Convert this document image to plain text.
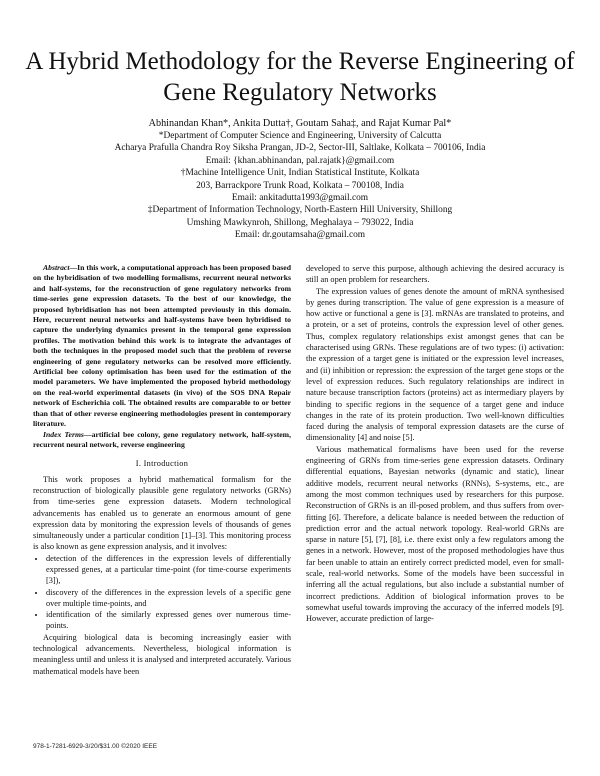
A Hybrid Methodology for the Reverse Engineering of Gene Regulatory Networks
Abhinandan Khan*, Ankita Dutta†, Goutam Saha‡, and Rajat Kumar Pal*
*Department of Computer Science and Engineering, University of Calcutta
Acharya Prafulla Chandra Roy Siksha Prangan, JD-2, Sector-III, Saltlake, Kolkata – 700106, India
Email: {khan.abhinandan, pal.rajatk}@gmail.com
†Machine Intelligence Unit, Indian Statistical Institute, Kolkata
203, Barrackpore Trunk Road, Kolkata – 700108, India
Email: ankitadutta1993@gmail.com
‡Department of Information Technology, North-Eastern Hill University, Shillong
Umshing Mawkynroh, Shillong, Meghalaya – 793022, India
Email: dr.goutamsaha@gmail.com

Abstract—In this work, a computational approach has been proposed based on the hybridisation of two modelling formalisms, recurrent neural networks and half-systems, for the reconstruction of gene regulatory networks from time-series gene expression datasets. To the best of our knowledge, the proposed hybridisation has not been attempted previously in this domain. Here, recurrent neural networks and half-systems have been hybridised to capture the underlying dynamics present in the temporal gene expression profiles. The motivation behind this work is to integrate the advantages of both the techniques in the proposed model such that the problem of reverse engineering of gene regulatory networks can be resolved more efficiently. Artificial bee colony optimisation has been used for the estimation of the model parameters. We have implemented the proposed hybrid methodology on the real-world experimental datasets (in vivo) of the SOS DNA Repair network of Escherichia coli. The obtained results are comparable to or better than that of other reverse engineering methodologies present in contemporary literature.

Index Terms—artificial bee colony, gene regulatory network, half-system, recurrent neural network, reverse engineering

I. Introduction

This work proposes a hybrid mathematical formalism for the reconstruction of biologically plausible gene regulatory networks (GRNs) from time-series gene expression datasets. Modern technological advancements has enabled us to generate an enormous amount of gene expression data by monitoring the expression levels of thousands of genes simultaneously under a particular condition [1]–[3]. This monitoring process is also known as gene expression analysis, and it involves:

• detection of the differences in the expression levels of differentially expressed genes, at a particular time-point (for time-course experiments [3]),
• discovery of the differences in the expression levels of a specific gene over multiple time-points, and
• identification of the similarly expressed genes over numerous time-points.

Acquiring biological data is becoming increasingly easier with technological advancements. Nevertheless, biological information is meaningless until and unless it is analysed and interpreted accurately. Various mathematical models have been

developed to serve this purpose, although achieving the desired accuracy is still an open problem for researchers.

The expression values of genes denote the amount of mRNA synthesised by genes during transcription. The value of gene expression is a measure of how active or functional a gene is [3]. mRNAs are translated to proteins, and a protein, or a set of proteins, controls the expression level of other genes. Thus, complex regulatory relationships exist amongst genes that can be characterised using GRNs. These regulations are of two types: (i) activation: the expression of a target gene is initiated or the expression level increases, and (ii) inhibition or repression: the expression of the target gene stops or the level of expression reduces. Such regulatory relationships are indirect in nature because transcription factors (proteins) act as intermediary players by binding to specific regions in the sequence of a target gene and induce changes in the rate of its protein production. Two well-known difficulties faced during the analysis of temporal expression datasets are the curse of dimensionality [4] and noise [5].

Various mathematical formalisms have been used for the reverse engineering of GRNs from time-series gene expression datasets. Ordinary differential equations, Bayesian networks (dynamic and static), linear additive models, recurrent neural networks (RNNs), S-systems, etc., are among the most common techniques used by researchers for this purpose. Reconstruction of GRNs is an ill-posed problem, and thus suffers from over-fitting [6]. Therefore, a delicate balance is needed between the reduction of prediction error and the actual network topology. Real-world GRNs are sparse in nature [5], [7], [8], i.e. there exist only a few regulators among the genes in a network. However, most of the proposed methodologies have thus far been unable to attain an entirely correct predicted model, even for small-scale, real-world networks. Some of the models have been successful in inferring all the actual regulations, but also include a substantial number of incorrect predictions. Addition of biological information proves to be somewhat useful towards improving the accuracy of the inferred models [9]. However, accurate prediction of large-

978-1-7281-6929-3/20/$31.00 ©2020 IEEE
